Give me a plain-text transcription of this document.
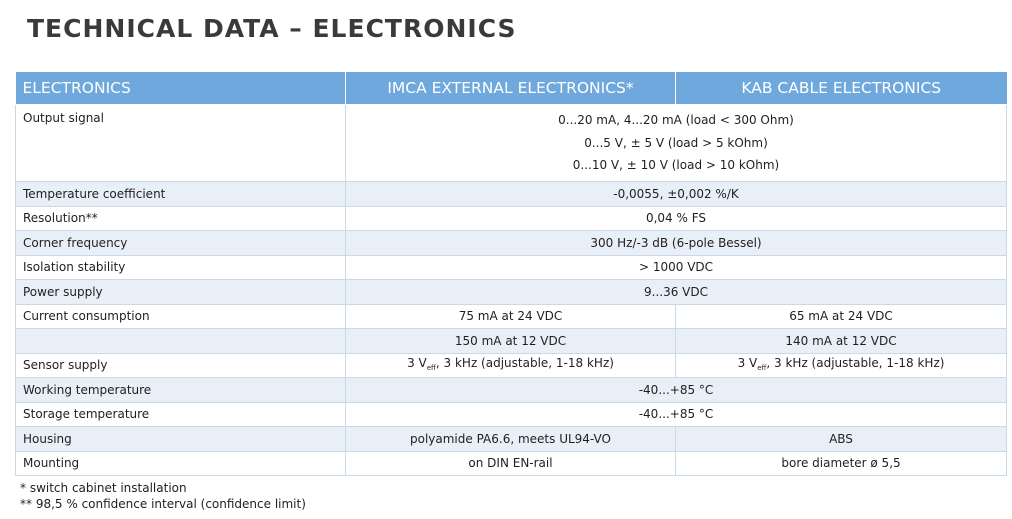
TECHNICAL DATA – ELECTRONICS
ELECTRONICS	IMCA EXTERNAL ELECTRONICS*	KAB CABLE ELECTRONICS
Output signal	0...20 mA, 4...20 mA (load < 300 Ohm)
0...5 V, ± 5 V (load > 5 kOhm)
0...10 V, ± 10 V (load > 10 kOhm)	

Temperature coefficient	-0,0055, ±0,002 %/K	
Resolution**	0,04 % FS	
Corner frequency	300 Hz/-3 dB (6-pole Bessel)	
Isolation stability	> 1000 VDC	
Power supply	9...36 VDC	
Current consumption	75 mA at 24 VDC	65 mA at 24 VDC
	150 mA at 12 VDC	140 mA at 12 VDC
Sensor supply	3 $V_{eff}$, 3 kHz (adjustable, 1-18 kHz)	3 $V_{eff}$, 3 kHz (adjustable, 1-18 kHz)
Working temperature	-40...+85 °C	
Storage temperature	-40...+85 °C	
Housing	polyamide PA6.6, meets UL94-VO	ABS
Mounting	on DIN EN-rail	bore diameter ø 5,5
* switch cabinet installation
** 98,5 % confidence interval (confidence limit)
